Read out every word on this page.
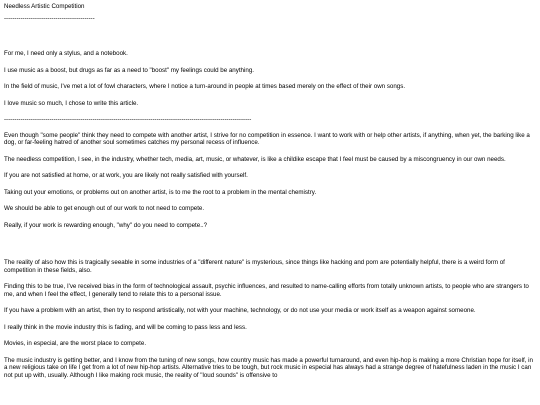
Needless Artistic Competition
--------------------------------------------

For me, I need only a stylus, and a notebook.

I use music as a boost, but drugs as far as a need to "boost" my feelings could be anything.

In the field of music, I've met a lot of fowl characters, where I notice a turn-around in people at times based merely on the effect of their own songs.

I love music so much, I chose to write this article.

------------------------------------------------------------------------------------------------------------------------

Even though "some people" think they need to compete with another artist, I strive for no competition in essence. I want to work with or help other artists, if anything, when yet, the barking like a dog, or far-feeling hatred of another soul sometimes catches my personal recess of influence.

The needless competition, I see, in the industry, whether tech, media, art, music, or whatever, is like a childike escape that I feel must be caused by a miscongruency in our own needs.

If you are not satisfied at home, or at work, you are likely not really satisfied with yourself.

Taking out your emotions, or problems out on another artist, is to me the root to a problem in the mental chemistry.

We should be able to get enough out of our work to not need to compete.

Really, if your work is rewarding enough, "why" do you need to compete..?

The reality of also how this is tragically seeable in some industries of a "different nature" is mysterious, since things like hacking and porn are potentially helpful, there is a weird form of competition in these fields, also.

Finding this to be true, I've received bias in the form of technological assault, psychic influences, and resulted to name-calling efforts from totally unknown artists, to people who are strangers to me, and when I feel the effect, I generally tend to relate this to a personal issue.

If you have a problem with an artist, then try to respond artistically, not with your machine, technology, or do not use your media or work itself as a weapon against someone.

I really think in the movie industry this is fading, and will be coming to pass less and less.

Movies, in especial, are the worst place to compete.

The music industry is getting better, and I know from the tuning of new songs, how country music has made a powerful turnaround, and even hip-hop is making a more Christian hope for itself, in a new religious take on life I get from a lot of new hip-hop artists. Alternative tries to be tough, but rock music in especial has always had a strange degree of hatefulness laden in the music I can not put up with, usually. Although I like making rock music, the reality of "loud sounds" is offensive to
